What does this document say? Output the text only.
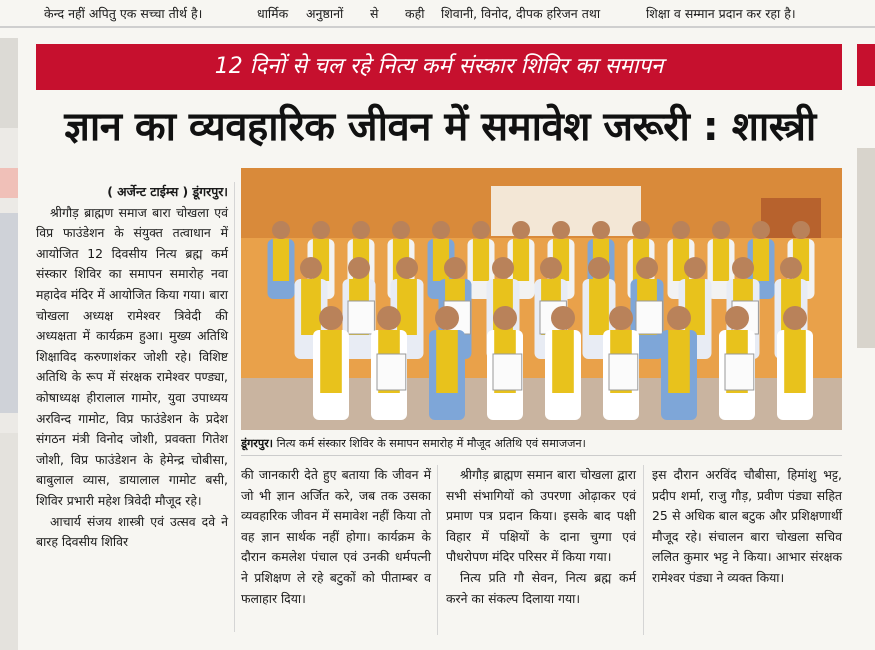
केन्द नहीं अपितु एक सच्चा तीर्थ है।	धार्मिक अनुष्ठानों से कही शिवानी, विनोद, दीपक हरिजन तथा	शिक्षा व सम्मान प्रदान कर रहा है।
12 दिनों से चल रहे नित्य कर्म संस्कार शिविर का समापन
ज्ञान का व्यवहारिक जीवन में समावेश जरूरी : शास्त्री

( अर्जेन्ट टाईम्स ) डूंगरपुर।

श्रीगौड़ ब्राह्मण समाज बारा चोखला एवं विप्र फाउंडेशन के संयुक्त तत्वाधान में आयोजित 12 दिवसीय नित्य ब्रह्म कर्म संस्कार शिविर का समापन समारोह नवा महादेव मंदिर में आयोजित किया गया। बारा चोखला अध्यक्ष रामेश्वर त्रिवेदी की अध्यक्षता में कार्यक्रम हुआ। मुख्य अतिथि शिक्षाविद करुणाशंकर जोशी रहे। विशिष्ट अतिथि के रूप में संरक्षक रामेश्वर पण्ड्या, कोषाध्यक्ष हीरालाल गामोर, युवा उपाध्यय अरविन्द गामोट, विप्र फाउंडेशन के प्रदेश संगठन मंत्री विनोद जोशी, प्रवक्ता गितेश जोशी, विप्र फाउंडेशन के हेमेन्द्र चोबीसा, बाबुलाल व्यास, डायालाल गामोट बसी, शिविर प्रभारी महेश त्रिवेदी मौजूद रहे।

आचार्य संजय शास्त्री एवं उत्सव दवे ने बारह दिवसीय शिविर

डूंगरपुर। नित्य कर्म संस्कार शिविर के समापन समारोह में मौजूद अतिथि एवं समाजजन।

की जानकारी देते हुए बताया कि जीवन में जो भी ज्ञान अर्जित करे, जब तक उसका व्यवहारिक जीवन में समावेश नहीं किया तो वह ज्ञान सार्थक नहीं होगा। कार्यक्रम के दौरान कमलेश पंचाल एवं उनकी धर्मपत्नी ने प्रशिक्षण ले रहे बटुकों को पीताम्बर व फलाहार दिया।

श्रीगौड़ ब्राह्मण समान बारा चोखला द्वारा सभी संभागियों को उपरणा ओढ़ाकर एवं प्रमाण पत्र प्रदान किया। इसके बाद पक्षी विहार में पक्षियों के दाना चुग्गा एवं पौधरोपण मंदिर परिसर में किया गया।

नित्य प्रति गौ सेवन, नित्य ब्रह्म कर्म करने का संकल्प दिलाया गया।

इस दौरान अरविंद चौबीसा, हिमांशु भट्ट, प्रदीप शर्मा, राजु गौड़, प्रवीण पंड्या सहित 25 से अधिक बाल बटुक और प्रशिक्षणार्थी मौजूद रहे। संचालन बारा चोखला सचिव ललित कुमार भट्ट ने किया। आभार संरक्षक रामेश्वर पंड्या ने व्यक्त किया।
